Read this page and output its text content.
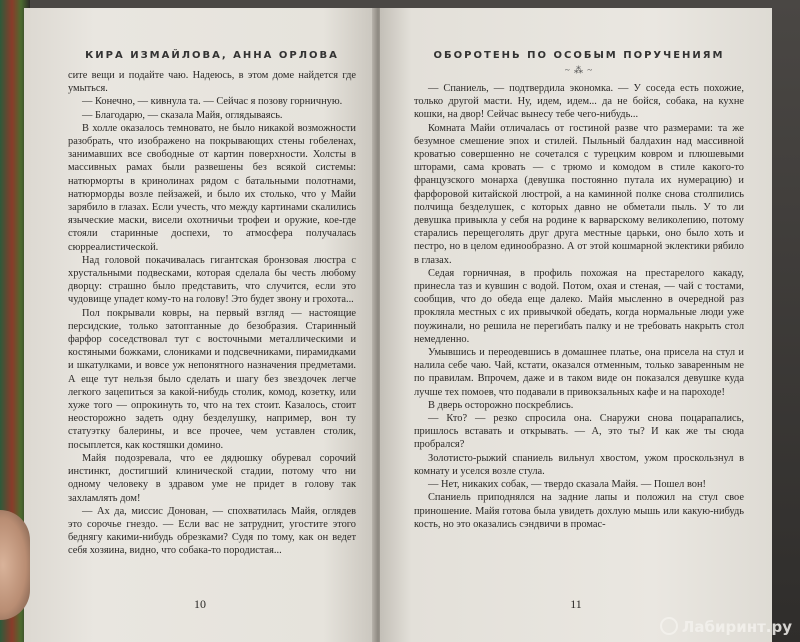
КИРА ИЗМАЙЛОВА, АННА ОРЛОВА

сите вещи и подайте чаю. Надеюсь, в этом доме найдется где умыться.

— Конечно, — кивнула та. — Сейчас я позову горничную.

— Благодарю, — сказала Майя, оглядываясь.

В холле оказалось темновато, не было никакой возможности разобрать, что изображено на покрывающих стены гобеленах, занимавших все свободные от картин поверхности. Холсты в массивных рамах были развешены без всякой системы: натюрморты в кринолинах рядом с батальными полотнами, натюрморды возле пейзажей, и было их столько, что у Майи зарябило в глазах. Если учесть, что между картинами скалились языческие маски, висели охотничьи трофеи и оружие, кое-где стояли старинные доспехи, то атмосфера получалась сюрреалистической.

Над головой покачивалась гигантская бронзовая люстра с хрустальными подвесками, которая сделала бы честь любому дворцу: страшно было представить, что случится, если это чудовище упадет кому-то на голову! Это будет звону и грохота...

Пол покрывали ковры, на первый взгляд — настоящие персидские, только затоптанные до безобразия. Старинный фарфор соседствовал тут с восточными металлическими и костяными божками, слониками и подсвечниками, пирамидками и шкатулками, и вовсе уж непонятного назначения предметами. А еще тут нельзя было сделать и шагу без звездочек легче легкого зацепиться за какой-нибудь столик, комод, козетку, или хуже того — опрокинуть то, что на тех стоит. Казалось, стоит неосторожно задеть одну безделушку, например, вон ту статуэтку балерины, и все прочее, чем уставлен столик, посыплется, как костяшки домино.

Майя подозревала, что ее дядюшку обуревал сорочий инстинкт, достигший клинической стадии, потому что ни одному человеку в здравом уме не придет в голову так захламлять дом!

— Ах да, миссис Донован, — спохватилась Майя, оглядев это сорочье гнездо. — Если вас не затруднит, угостите этого беднягу какими-нибудь обрезками? Судя по тому, как он ведет себя хозяина, видно, что собака-то породистая...

10
ОБОРОТЕНЬ ПО ОСОБЫМ ПОРУЧЕНИЯМ
~ ⁂ ~

— Спаниель, — подтвердила экономка. — У соседа есть похожие, только другой масти. Ну, идем, идем... да не бойся, собака, на кухне кошки, на двор! Сейчас вынесу тебе чего-нибудь...

Комната Майи отличалась от гостиной разве что размерами: та же безумное смешение эпох и стилей. Пыльный балдахин над массивной кроватью совершенно не сочетался с турецким ковром и плюшевыми шторами, сама кровать — с трюмо и комодом в стиле какого-то французского монарха (девушка постоянно путала их нумерацию) и фарфоровой китайской люстрой, а на каминной полке снова столпились полчища безделушек, с которых давно не обметали пыль. У то ли девушка привыкла у себя на родине к варварскому великолепию, потому старались перещеголять друг друга местные царьки, оно было хоть и пестро, но в целом единообразно. А от этой кошмарной эклектики рябило в глазах.

Седая горничная, в профиль похожая на престарелого какаду, принесла таз и кувшин с водой. Потом, охая и стеная, — чай с тостами, сообщив, что до обеда еще далеко. Майя мысленно в очередной раз прокляла местных с их привычкой обедать, когда нормальные люди уже поужинали, но решила не перегибать палку и не требовать накрыть стол немедленно.

Умывшись и переодевшись в домашнее платье, она присела на стул и налила себе чаю. Чай, кстати, оказался отменным, только заваренным не по правилам. Впрочем, даже и в таком виде он показался девушке куда лучше тех помоев, что подавали в привокзальных кафе и на пароходе!

В дверь осторожно поскреблись.

— Кто? — резко спросила она. Снаружи снова поцарапались, пришлось вставать и открывать. — А, это ты? И как же ты сюда пробрался?

Золотисто-рыжий спаниель вильнул хвостом, ужом проскользнул в комнату и уселся возле стула.

— Нет, никаких собак, — твердо сказала Майя. — Пошел вон!

Спаниель приподнялся на задние лапы и положил на стул свое приношение. Майя готова была увидеть дохлую мышь или какую-нибудь кость, но это оказались сэндвичи в промас-

11
Лабиринт.ру
